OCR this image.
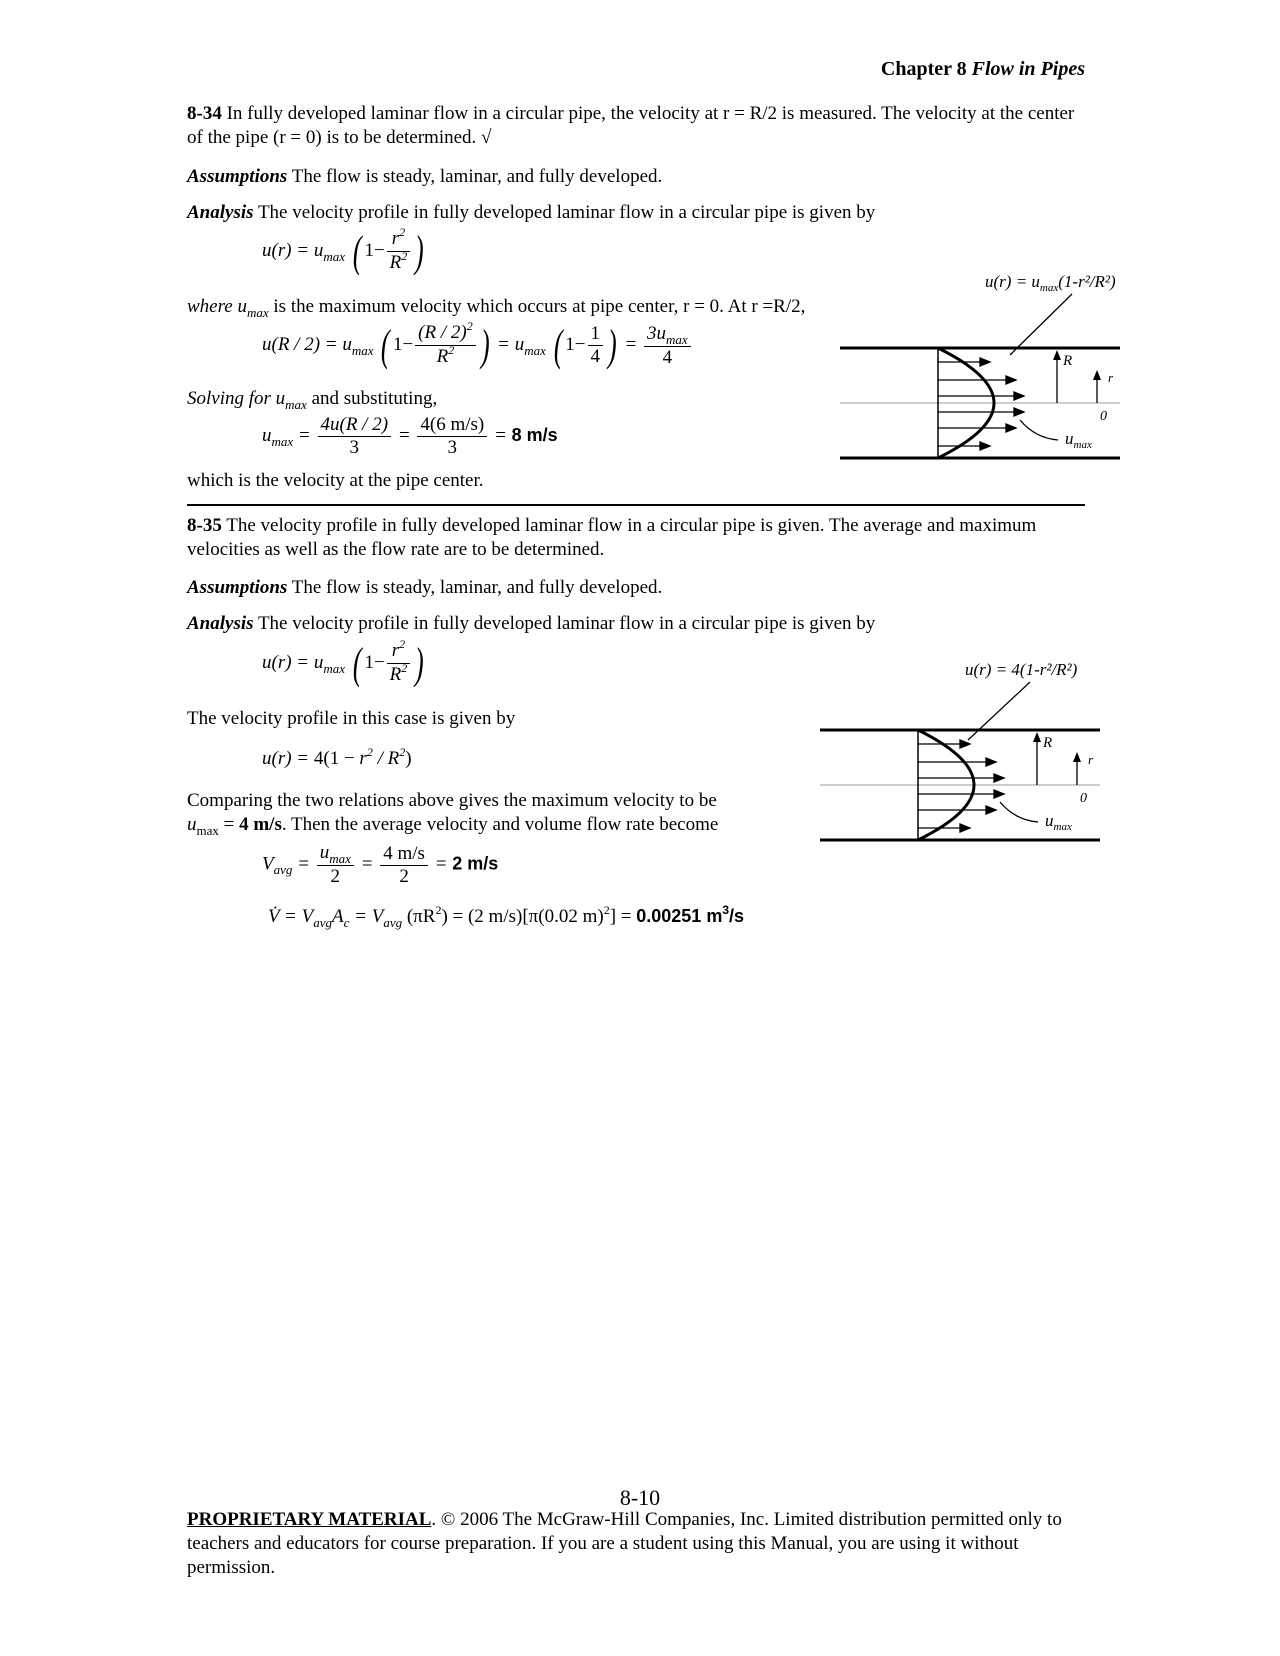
Chapter 8 Flow in Pipes
8-34 In fully developed laminar flow in a circular pipe, the velocity at r = R/2 is measured. The velocity at the center of the pipe (r = 0) is to be determined. √
Assumptions The flow is steady, laminar, and fully developed.
Analysis The velocity profile in fully developed laminar flow in a circular pipe is given by
$u(r) = u_{max}$ ( $1- \frac{r^2}{R^2}$ )
where $u_{max}$ is the maximum velocity which occurs at pipe center, r = 0. At r =R/2,
$u(R / 2) = u_{max}$ ( $1- \frac{(R / 2)^2}{R^2}$ ) = $u_{max}$ ( $1- \frac{1}{4}$ ) = $\frac{3u_{max}}{4}$
Solving for $u_{max}$ and substituting,
$u_{max} = \frac{4u(R / 2)}{3} = \frac{4(6 m/s)}{3} = 8$ m/s
which is the velocity at the pipe center.
$u(r) = u_{max}(1-r^2/R^2)$
R
r
0
$u_{max}$
8-35 The velocity profile in fully developed laminar flow in a circular pipe is given. The average and maximum velocities as well as the flow rate are to be determined.
Assumptions The flow is steady, laminar, and fully developed.
Analysis The velocity profile in fully developed laminar flow in a circular pipe is given by
$u(r) = u_{max}$ ( $1- \frac{r^2}{R^2}$ )
The velocity profile in this case is given by
$u(r) = 4(1 - r^2 / R^2)$
Comparing the two relations above gives the maximum velocity to be
$u_{max} = 4$ m/s. Then the average velocity and volume flow rate become
$V_{avg} = \frac{u_{max}}{2} = \frac{4 m/s}{2} = 2$ m/s
V̇ = $V_{avg}A_c = V_{avg}$ $(\pi R^2) = (2$ m/s)[π(0.02 m)$^2$] = 0.00251 $m^3/s$
u(r) = 4(1-r²/R²)
R
r
0
$u_{max}$
8-10
PROPRIETARY MATERIAL. © 2006 The McGraw-Hill Companies, Inc. Limited distribution permitted only to teachers and educators for course preparation. If you are a student using this Manual, you are using it without permission.
